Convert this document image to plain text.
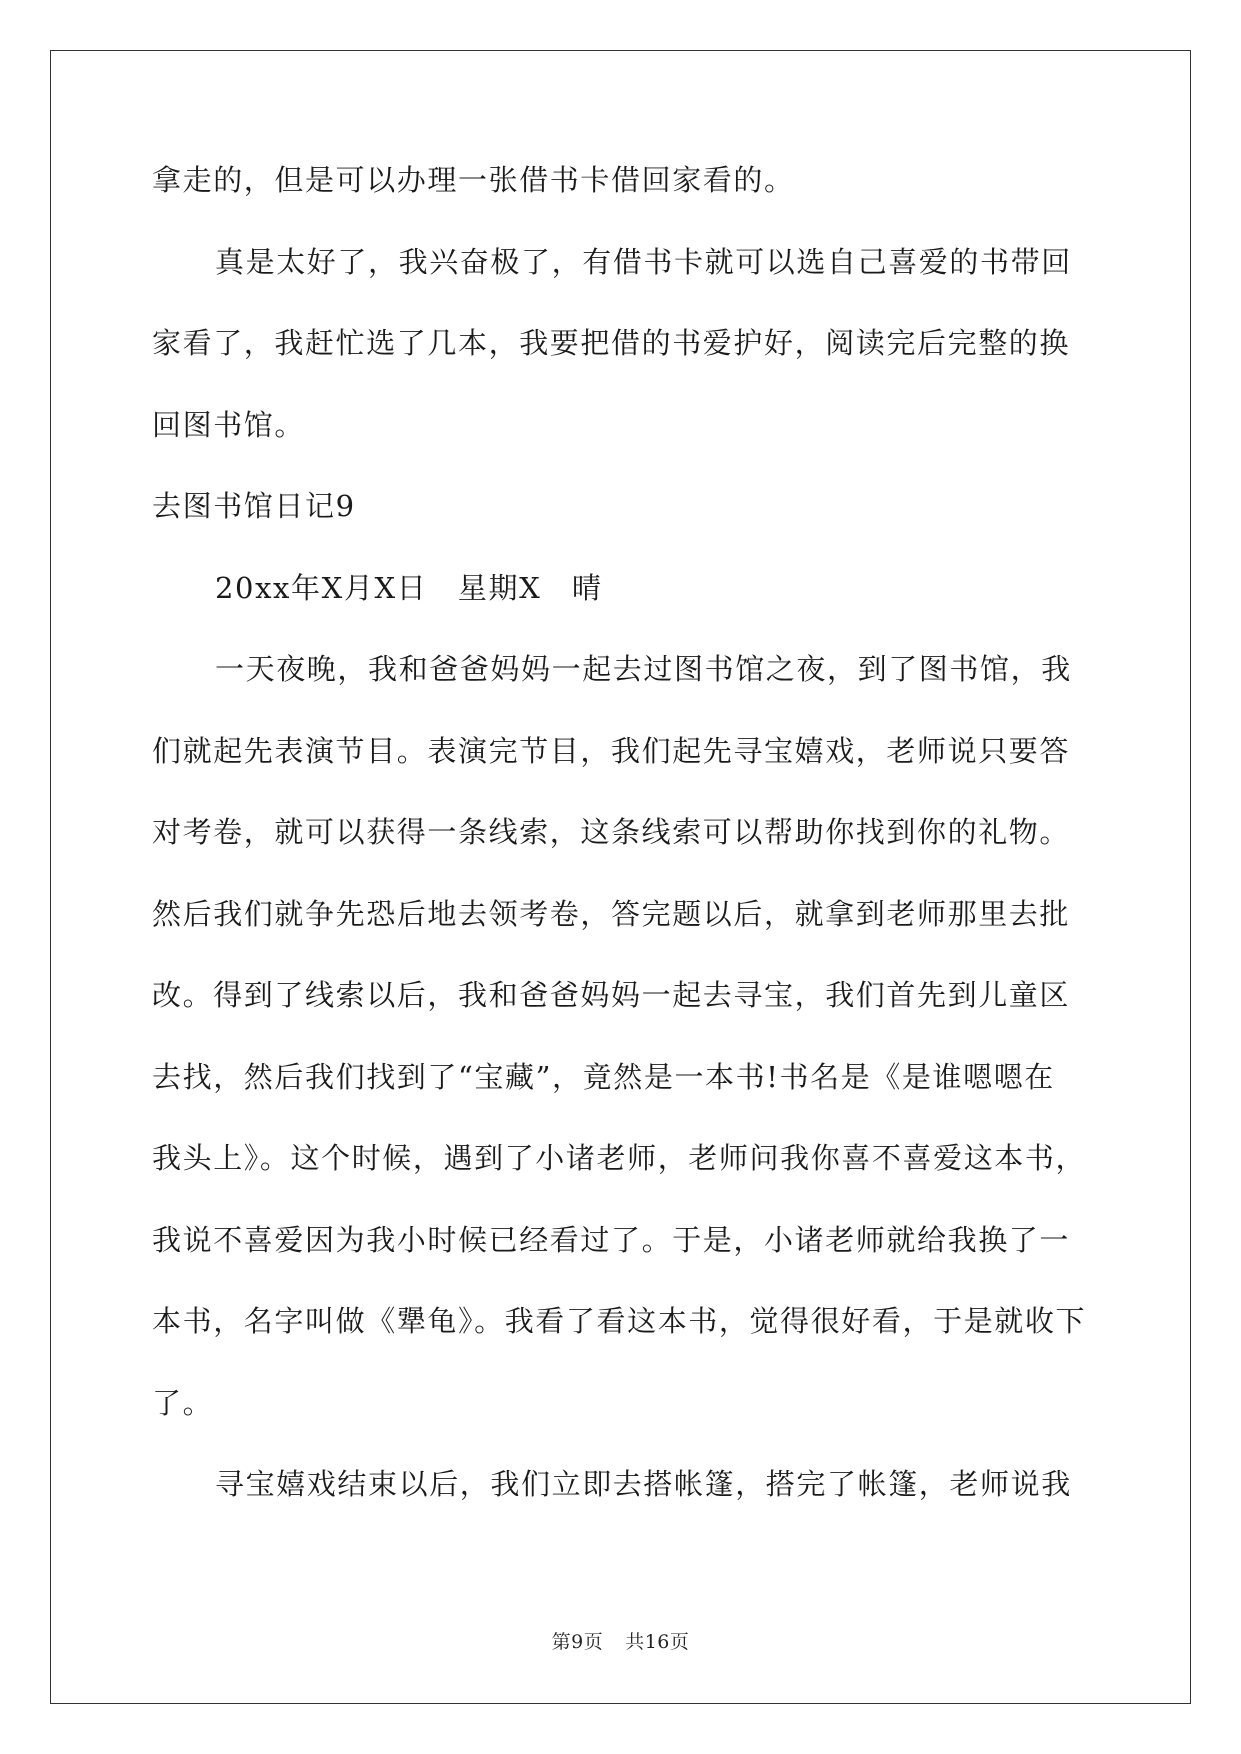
拿走的，但是可以办理一张借书卡借回家看的。
真是太好了，我兴奋极了，有借书卡就可以选自己喜爱的书带回
家看了，我赶忙选了几本，我要把借的书爱护好，阅读完后完整的换
回图书馆。
去图书馆日记9
20xx年X月X日　星期X　晴
一天夜晚，我和爸爸妈妈一起去过图书馆之夜，到了图书馆，我
们就起先表演节目。表演完节目，我们起先寻宝嬉戏，老师说只要答
对考卷，就可以获得一条线索，这条线索可以帮助你找到你的礼物。
然后我们就争先恐后地去领考卷，答完题以后，就拿到老师那里去批
改。得到了线索以后，我和爸爸妈妈一起去寻宝，我们首先到儿童区
去找，然后我们找到了“宝藏”，竟然是一本书!书名是《是谁嗯嗯在
我头上》。这个时候，遇到了小诸老师，老师问我你喜不喜爱这本书，
我说不喜爱因为我小时候已经看过了。于是，小诸老师就给我换了一
本书，名字叫做《犟龟》。我看了看这本书，觉得很好看，于是就收下
了。
寻宝嬉戏结束以后，我们立即去搭帐篷，搭完了帐篷，老师说我
第9页 共16页
